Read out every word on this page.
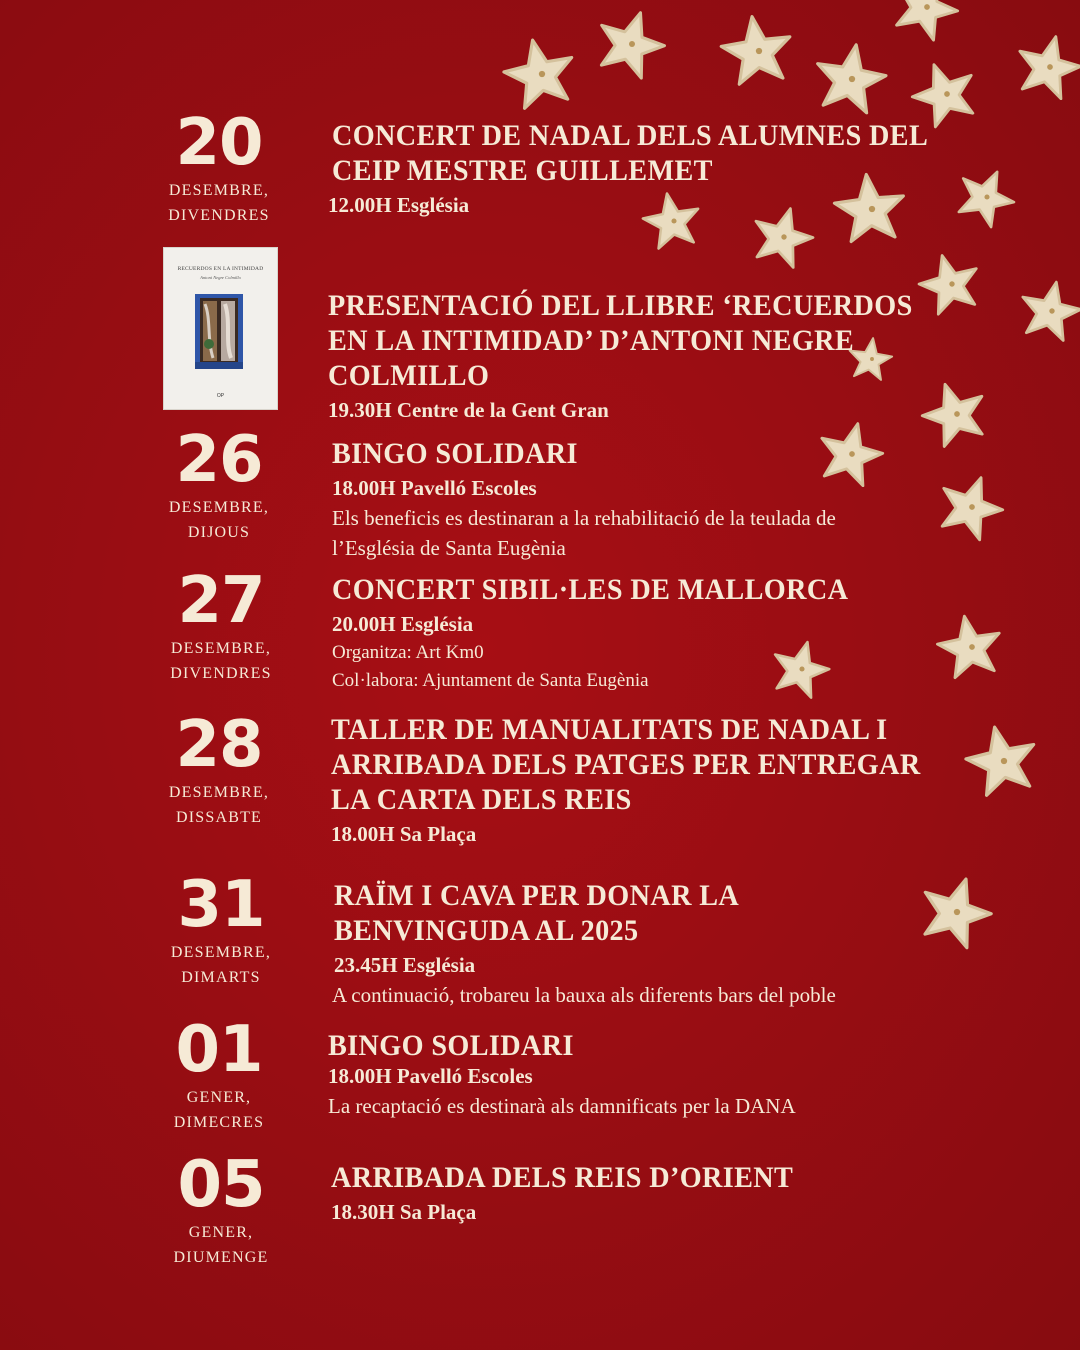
20
DESEMBRE,
DIVENDRES
RECUERDOS EN LA INTIMIDAD
Antoni Negre Colmillo
OP
26
DESEMBRE,
DIJOUS
27
DESEMBRE,
DIVENDRES
28
DESEMBRE,
DISSABTE
31
DESEMBRE,
DIMARTS
01
GENER,
DIMECRES
05
GENER,
DIUMENGE
CONCERT DE NADAL DELS ALUMNES DEL CEIP MESTRE GUILLEMET
12.00H Església
PRESENTACIÓ DEL LLIBRE ‘RECUERDOS EN LA INTIMIDAD’ D’ANTONI NEGRE COLMILLO
19.30H Centre de la Gent Gran
BINGO SOLIDARI
18.00H Pavelló Escoles
Els beneficis es destinaran a la rehabilitació de la teulada de l’Església de Santa Eugènia
CONCERT SIBIL·LES DE MALLORCA
20.00H Església
Organitza: Art Km0
Col·labora: Ajuntament de Santa Eugènia
TALLER DE MANUALITATS DE NADAL I ARRIBADA DELS PATGES PER ENTREGAR LA CARTA DELS REIS
18.00H Sa Plaça
RAÏM I CAVA PER DONAR LA BENVINGUDA AL 2025
23.45H Església
A continuació, trobareu la bauxa als diferents bars del poble
BINGO SOLIDARI
18.00H Pavelló Escoles
La recaptació es destinarà als damnificats per la DANA
ARRIBADA DELS REIS D’ORIENT
18.30H Sa Plaça
